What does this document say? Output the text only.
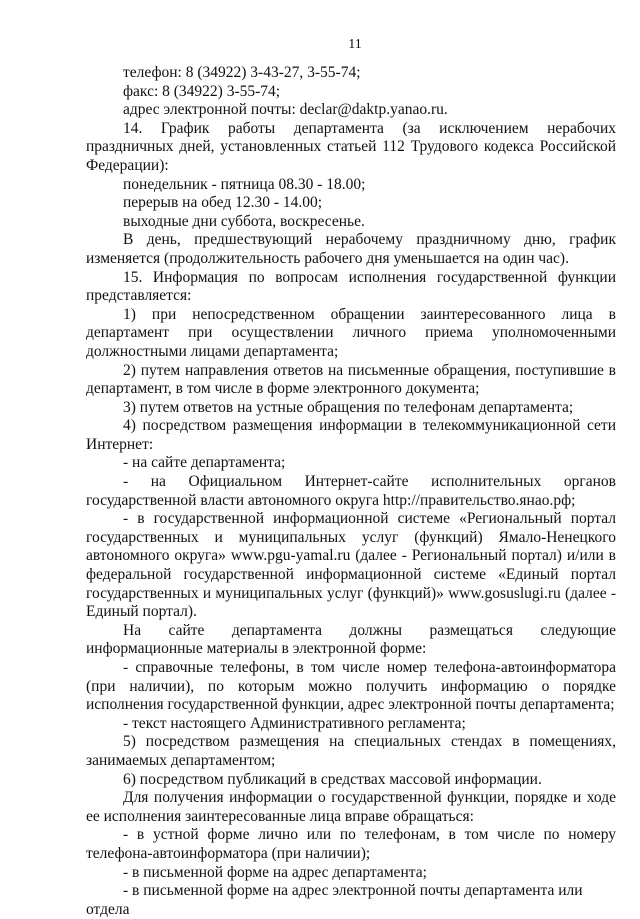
11

телефон: 8 (34922) 3-43-27, 3-55-74;

факс: 8 (34922) 3-55-74;

адрес электронной почты: declar@daktp.yanao.ru.

14. График работы департамента (за исключением нерабочих праздничных дней, установленных статьей 112 Трудового кодекса Российской Федерации):

понедельник - пятница 08.30 - 18.00;

перерыв на обед 12.30 - 14.00;

выходные дни суббота, воскресенье.

В день, предшествующий нерабочему праздничному дню, график изменяется (продолжительность рабочего дня уменьшается на один час).

15. Информация по вопросам исполнения государственной функции представляется:

1) при непосредственном обращении заинтересованного лица в департамент при осуществлении личного приема уполномоченными должностными лицами департамента;

2) путем направления ответов на письменные обращения, поступившие в департамент, в том числе в форме электронного документа;

3) путем ответов на устные обращения по телефонам департамента;

4) посредством размещения информации в телекоммуникационной сети Интернет:

- на сайте департамента;

- на Официальном Интернет-сайте исполнительных органов государственной власти автономного округа http://правительство.янао.рф;

- в государственной информационной системе «Региональный портал государственных и муниципальных услуг (функций) Ямало-Ненецкого автономного округа» www.pgu-yamal.ru (далее - Региональный портал) и/или в федеральной государственной информационной системе «Единый портал государственных и муниципальных услуг (функций)» www.gosuslugi.ru (далее - Единый портал).

На сайте департамента должны размещаться следующие информационные материалы в электронной форме:

- справочные телефоны, в том числе номер телефона-автоинформатора (при наличии), по которым можно получить информацию о порядке исполнения государственной функции, адрес электронной почты департамента;

- текст настоящего Административного регламента;

5) посредством размещения на специальных стендах в помещениях, занимаемых департаментом;

6) посредством публикаций в средствах массовой информации.

Для получения информации о государственной функции, порядке и ходе ее исполнения заинтересованные лица вправе обращаться:

- в устной форме лично или по телефонам, в том числе по номеру телефона-автоинформатора (при наличии);

- в письменной форме на адрес департамента;

- в письменной форме на адрес электронной почты департамента или отдела
